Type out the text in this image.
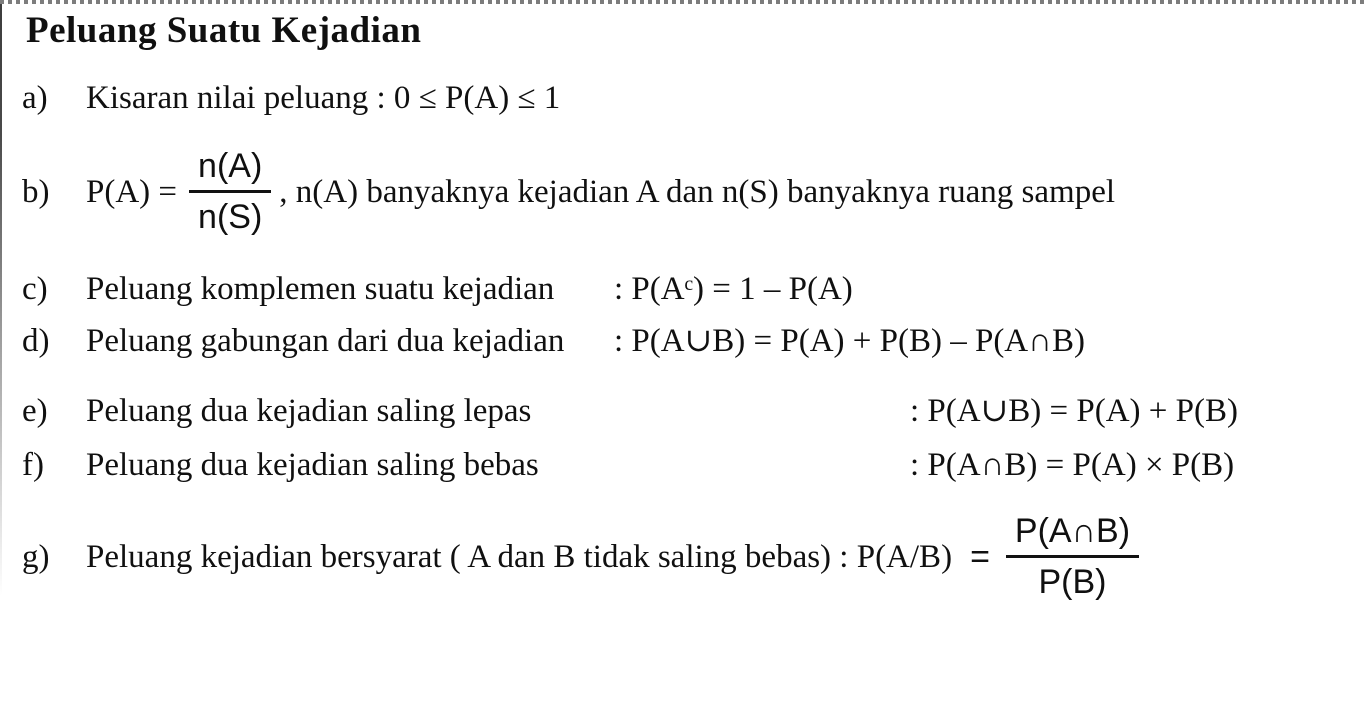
Peluang Suatu Kejadian
a)	Kisaran nilai peluang : 0 ≤ P(A) ≤ 1
b)	$P(A) = \frac{n(A)}{n(S)}$ , n(A) banyaknya kejadian A dan n(S) banyaknya ruang sampel
c)	Peluang komplemen suatu kejadian	: P(Aᶜ) = 1 – P(A)
d)	Peluang gabungan dari dua kejadian	: P(A∪B) = P(A) + P(B) – P(A∩B)
e)	Peluang dua kejadian saling lepas	: P(A∪B) = P(A) + P(B)
f)	Peluang dua kejadian saling bebas	: P(A∩B) = P(A) × P(B)
g)	Peluang kejadian bersyarat ( A dan B tidak saling bebas) : $P(A/B) = \frac{P(A\cap B)}{P(B)}$
